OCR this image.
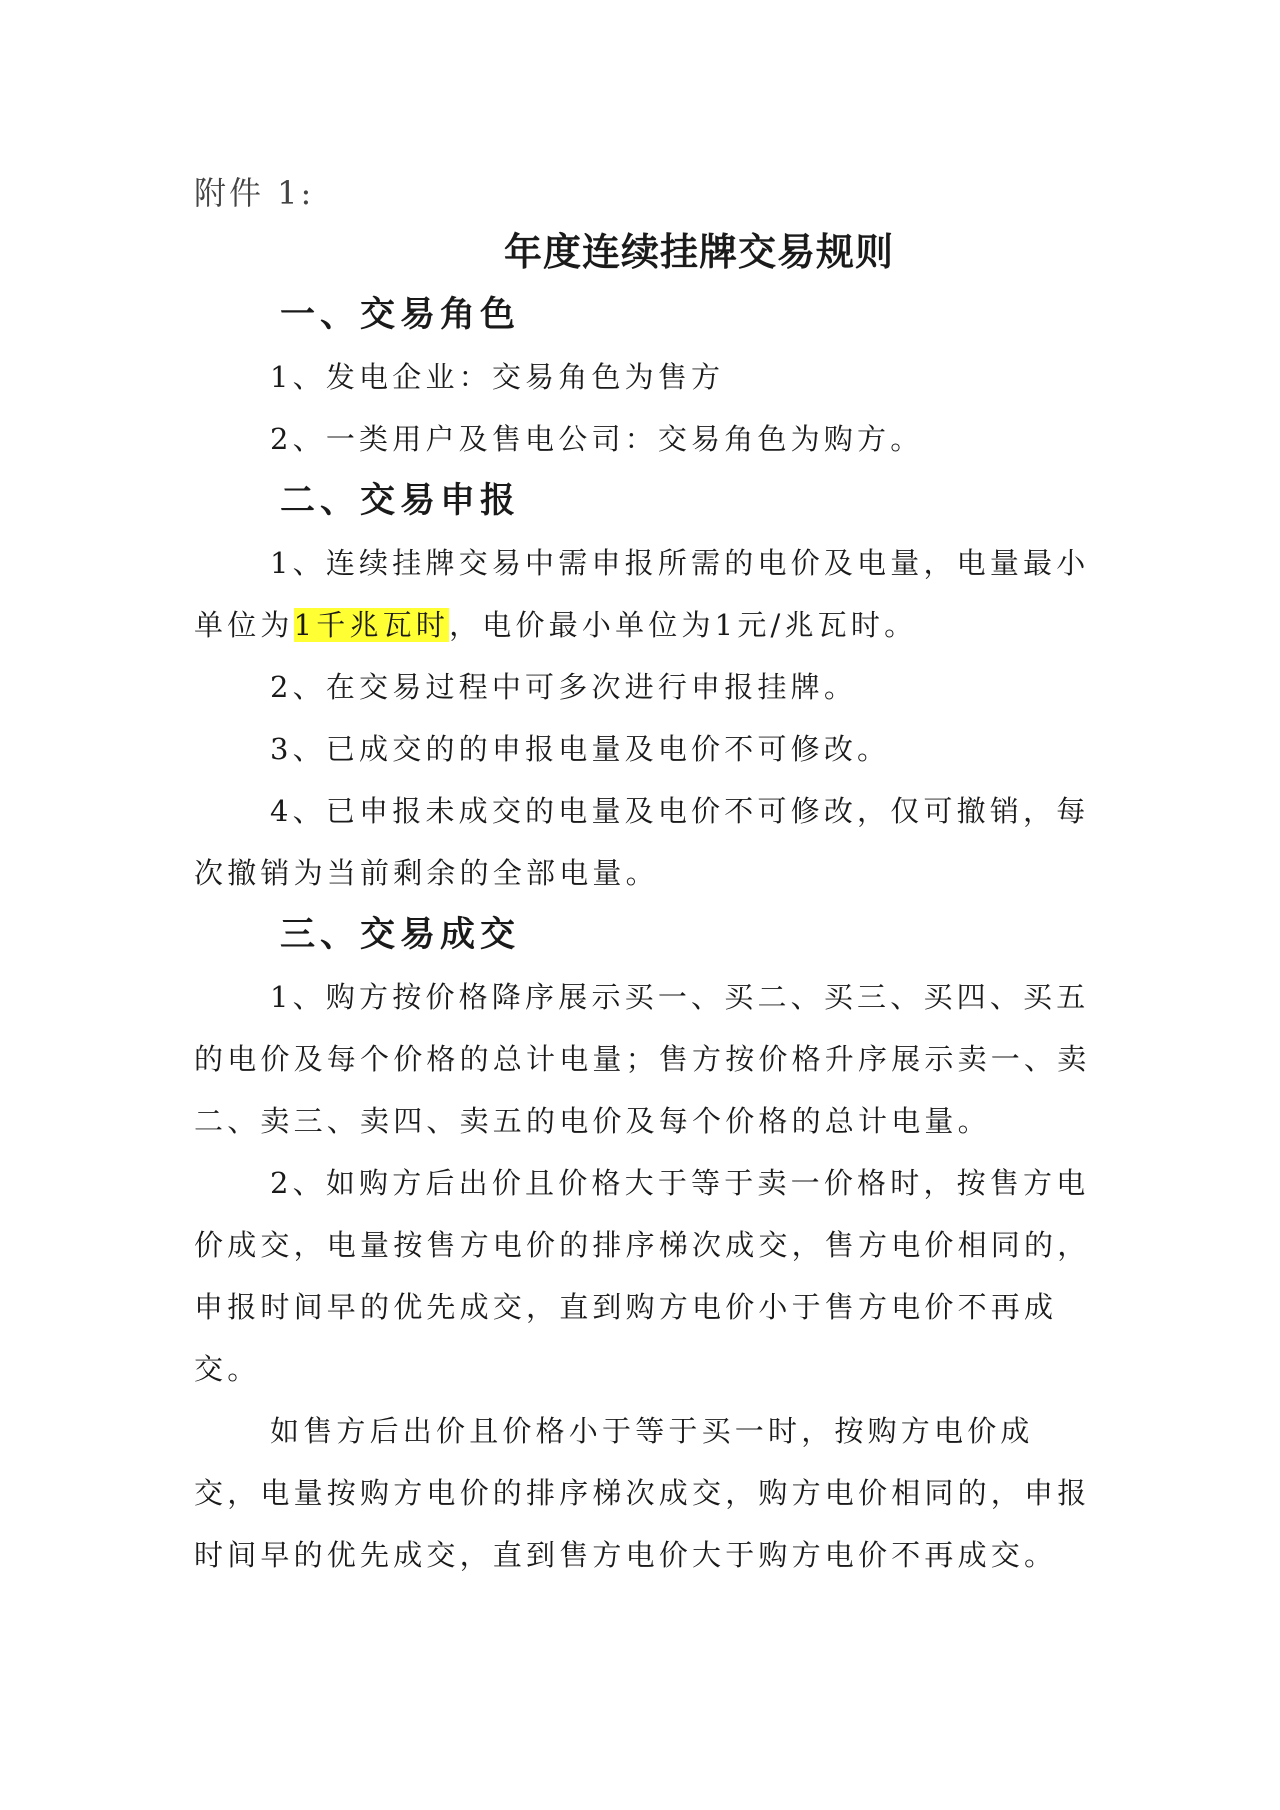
附件 1:
年度连续挂牌交易规则
一、交易角色

1、发电企业：交易角色为售方

2、一类用户及售电公司：交易角色为购方。

二、交易申报

1、连续挂牌交易中需申报所需的电价及电量，电量最小单位为1千兆瓦时，电价最小单位为1元/兆瓦时。

2、在交易过程中可多次进行申报挂牌。

3、已成交的的申报电量及电价不可修改。

4、已申报未成交的电量及电价不可修改，仅可撤销，每次撤销为当前剩余的全部电量。

三、交易成交

1、购方按价格降序展示买一、买二、买三、买四、买五的电价及每个价格的总计电量；售方按价格升序展示卖一、卖二、卖三、卖四、卖五的电价及每个价格的总计电量。

2、如购方后出价且价格大于等于卖一价格时，按售方电价成交，电量按售方电价的排序梯次成交，售方电价相同的，申报时间早的优先成交，直到购方电价小于售方电价不再成交。

如售方后出价且价格小于等于买一时，按购方电价成交，电量按购方电价的排序梯次成交，购方电价相同的，申报时间早的优先成交，直到售方电价大于购方电价不再成交。
